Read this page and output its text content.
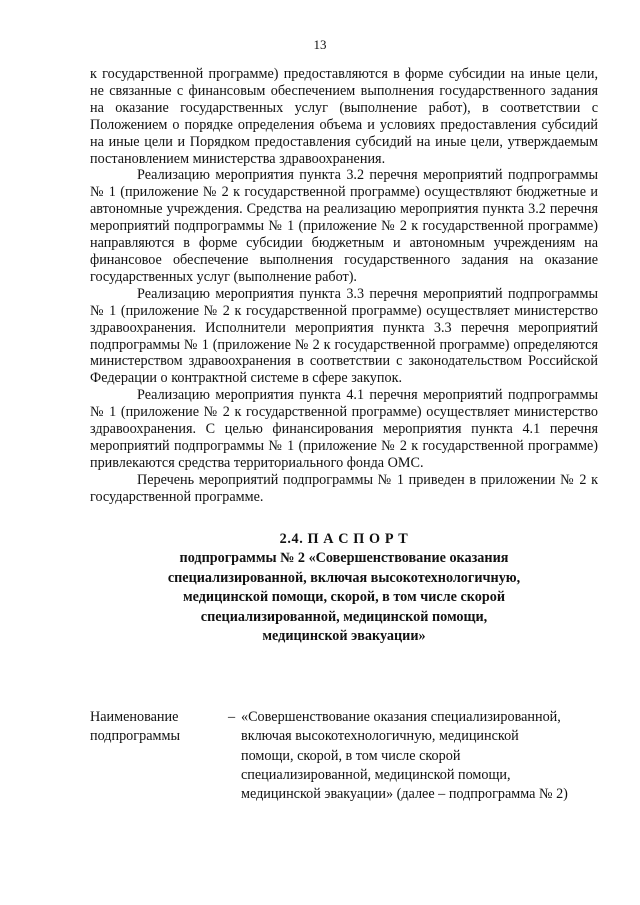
13

к государственной программе) предоставляются в форме субсидии на иные цели, не связанные с финансовым обеспечением выполнения государственного задания на оказание государственных услуг (выполнение работ), в соответствии с Положением о порядке определения объема и условиях предоставления субсидий на иные цели и Порядком предоставления субсидий на иные цели, утверждаемым постановлением министерства здравоохранения.

Реализацию мероприятия пункта 3.2 перечня мероприятий подпрограммы № 1 (приложение № 2 к государственной программе) осуществляют бюджетные и автономные учреждения. Средства на реализацию мероприятия пункта 3.2 перечня мероприятий подпрограммы № 1 (приложение № 2 к государственной программе) направляются в форме субсидии бюджетным и автономным учреждениям на финансовое обеспечение выполнения государственного задания на оказание государственных услуг (выполнение работ).

Реализацию мероприятия пункта 3.3 перечня мероприятий подпрограммы № 1 (приложение № 2 к государственной программе) осуществляет министерство здравоохранения. Исполнители мероприятия пункта 3.3 перечня мероприятий подпрограммы № 1 (приложение № 2 к государственной программе) определяются министерством здравоохранения в соответствии с законодательством Российской Федерации о контрактной системе в сфере закупок.

Реализацию мероприятия пункта 4.1 перечня мероприятий подпрограммы № 1 (приложение № 2 к государственной программе) осуществляет министерство здравоохранения. С целью финансирования мероприятия пункта 4.1 перечня мероприятий подпрограммы № 1 (приложение № 2 к государственной программе) привлекаются средства территориального фонда ОМС.

Перечень мероприятий подпрограммы № 1 приведен в приложении № 2 к государственной программе.

2.4. П А С П О Р Т
подпрограммы № 2 «Совершенствование оказания
специализированной, включая высокотехнологичную,
медицинской помощи, скорой, в том числе скорой
специализированной, медицинской помощи,
медицинской эвакуации»
Наименование
подпрограммы
– «Совершенствование оказания специализированной,
включая высокотехнологичную, медицинской
помощи, скорой, в том числе скорой
специализированной, медицинской помощи,
медицинской эвакуации» (далее – подпрограмма № 2)
